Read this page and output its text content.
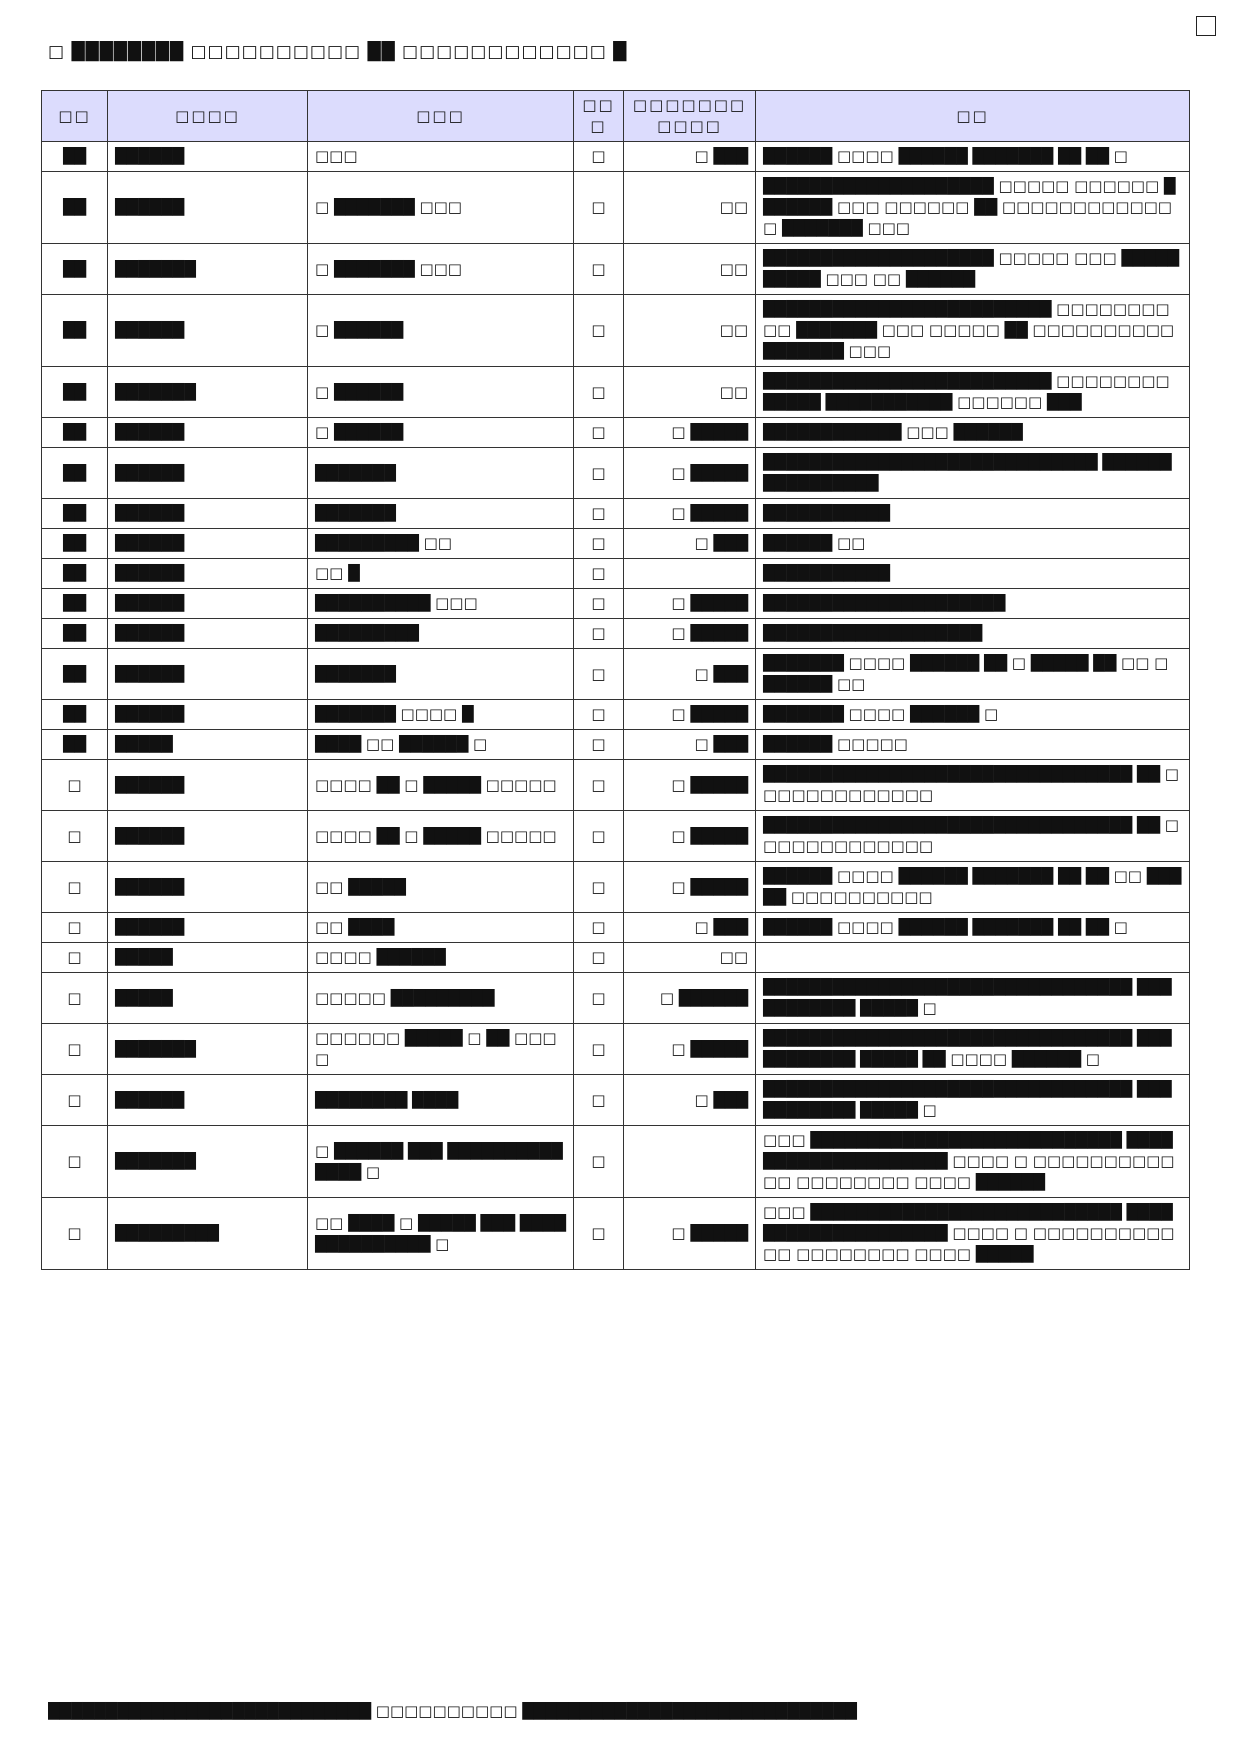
□ ████████ □□□□□□□□□□ ██ □□□□□□□□□□□□ █
□□	□□□□	□□□	□□□	□□□□□□□□□□□	□□
██	██████	□□□	□	□ ███	██████ □□□□ ██████ ███████ ██ ██ □
██	██████	□ ███████ □□□	□	□□	████████████████████ □□□□□ □□□□□□ ███████ □□□ □□□□□□ ██ □□□□□□□□□□□□ □ ███████ □□□
██	███████	□ ███████ □□□	□	□□	████████████████████ □□□□□ □□□ ██████████ □□□ □□ ██████
██	██████	□ ██████	□	□□	█████████████████████████ □□□□□□□□□□ ███████ □□□ □□□□□ ██ □□□□□□□□□□ ███████ □□□
██	███████	□ ██████	□	□□	█████████████████████████ □□□□□□□□ █████ ███████████ □□□□□□ ███
██	██████	□ ██████	□	□ █████	████████████ □□□ ██████
██	██████	███████	□	□ █████	█████████████████████████████ ████████████████
██	██████	███████	□	□ █████	███████████
██	██████	█████████ □□	□	□ ███	██████ □□
██	██████	□□ █	□		███████████
██	██████	██████████ □□□	□	□ █████	█████████████████████
██	██████	█████████	□	□ █████	███████████████████
██	██████	███████	□	□ ███	███████ □□□□ ██████ ██ □ █████ ██ □□ □ ██████ □□
██	██████	███████ □□□□ █	□	□ █████	███████ □□□□ ██████ □
██	█████	████ □□ ██████ □	□	□ ███	██████ □□□□□
□	██████	□□□□ ██ □ █████ □□□□□	□	□ █████	████████████████████████████████ ██ □□□□□□□□□□□□□
□	██████	□□□□ ██ □ █████ □□□□□	□	□ █████	████████████████████████████████ ██ □□□□□□□□□□□□□
□	██████	□□ █████	□	□ █████	██████ □□□□ ██████ ███████ ██ ██ □□ █████ □□□□□□□□□□
□	██████	□□ ████	□	□ ███	██████ □□□□ ██████ ███████ ██ ██ □
□	█████	□□□□ ██████	□	□□	
□	█████	□□□□□ █████████	□	□ ██████	████████████████████████████████ ███████████ █████ □
□	███████	□□□□□□ █████ □ ██ □□□□	□	□ █████	████████████████████████████████ ███████████ █████ ██ □□□□ ██████ □
□	██████	████████ ████	□	□ ███	████████████████████████████████ ███████████ █████ □
□	███████	□ ██████ ███ ██████████████ □	□		□□□ ███████████████████████████ ████████████████████ □□□□ □ □□□□□□□□□□□□ □□□□□□□□ □□□□ ██████
□	█████████	□□ ████ □ █████ ███ ██████████████ □	□	□ █████	□□□ ███████████████████████████ ████████████████████ □□□□ □ □□□□□□□□□□□□ □□□□□□□□ □□□□ █████
████████████████████████████ □□□□□□□□□□ █████████████████████████████
